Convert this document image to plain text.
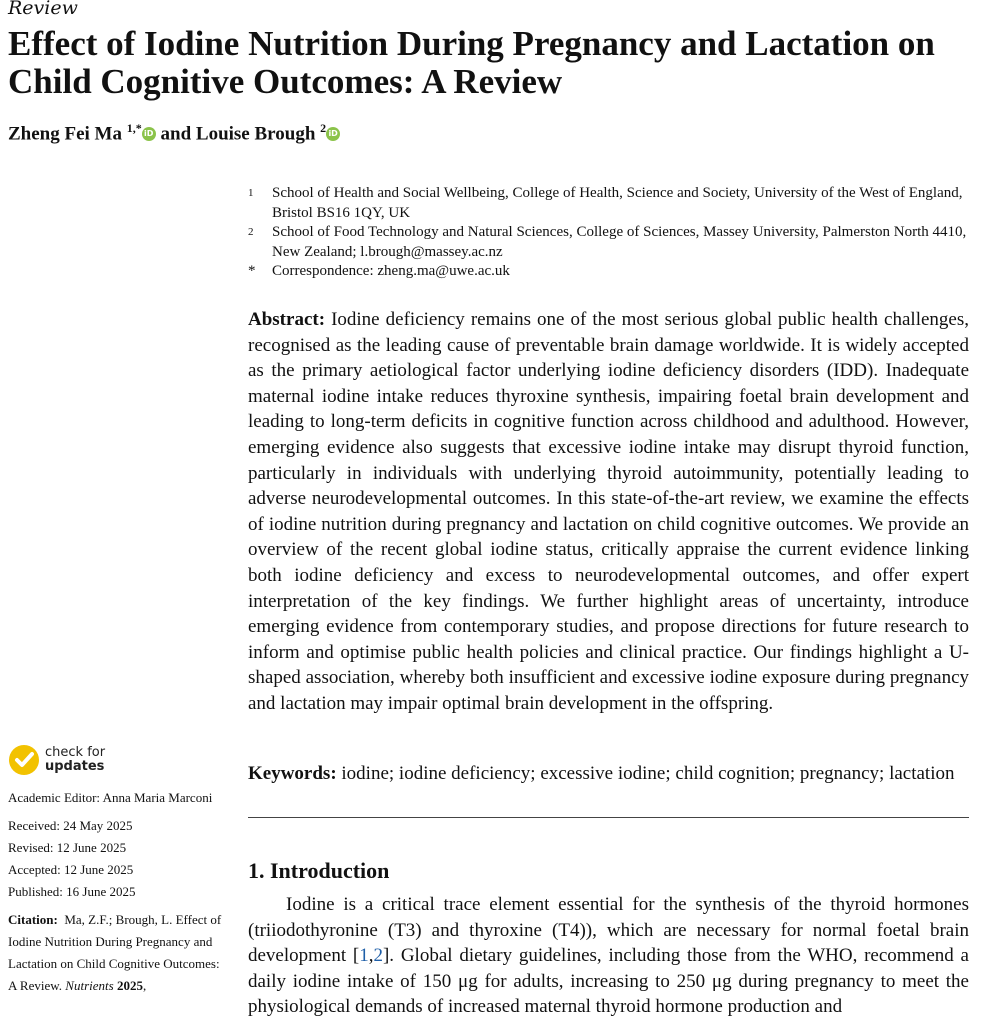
Review
Effect of Iodine Nutrition During Pregnancy and Lactation on Child Cognitive Outcomes: A Review
Zheng Fei Ma $^{1,*}$ iD and Louise Brough $^2$ iD
1	School of Health and Social Wellbeing, College of Health, Science and Society, University of the West of England, Bristol BS16 1QY, UK
2	School of Food Technology and Natural Sciences, College of Sciences, Massey University, Palmerston North 4410, New Zealand; l.brough@massey.ac.nz
*	Correspondence: zheng.ma@uwe.ac.uk

Abstract: Iodine deficiency remains one of the most serious global public health challenges, recognised as the leading cause of preventable brain damage worldwide. It is widely accepted as the primary aetiological factor underlying iodine deficiency disorders (IDD). Inadequate maternal iodine intake reduces thyroxine synthesis, impairing foetal brain development and leading to long-term deficits in cognitive function across childhood and adulthood. However, emerging evidence also suggests that excessive iodine intake may disrupt thyroid function, particularly in individuals with underlying thyroid autoimmunity, potentially leading to adverse neurodevelopmental outcomes. In this state-of-the-art review, we examine the effects of iodine nutrition during pregnancy and lactation on child cognitive outcomes. We provide an overview of the recent global iodine status, critically appraise the current evidence linking both iodine deficiency and excess to neurodevelopmental outcomes, and offer expert interpretation of the key findings. We further highlight areas of uncertainty, introduce emerging evidence from contemporary studies, and propose directions for future research to inform and optimise public health policies and clinical practice. Our findings highlight a U-shaped association, whereby both insufficient and excessive iodine exposure during pregnancy and lactation may impair optimal brain development in the offspring.

Keywords: iodine; iodine deficiency; excessive iodine; child cognition; pregnancy; lactation
1. Introduction

Iodine is a critical trace element essential for the synthesis of the thyroid hormones (triiodothyronine (T3) and thyroxine (T4)), which are necessary for normal foetal brain development [1,2]. Global dietary guidelines, including those from the WHO, recommend a daily iodine intake of 150 μg for adults, increasing to 250 μg during pregnancy to meet the physiological demands of increased maternal thyroid hormone production and

check for
updates
Academic Editor: Anna Maria Marconi
Received: 24 May 2025
Revised: 12 June 2025
Accepted: 12 June 2025
Published: 16 June 2025
Citation: Ma, Z.F.; Brough, L. Effect of Iodine Nutrition During Pregnancy and Lactation on Child Cognitive Outcomes: A Review. Nutrients 2025,
